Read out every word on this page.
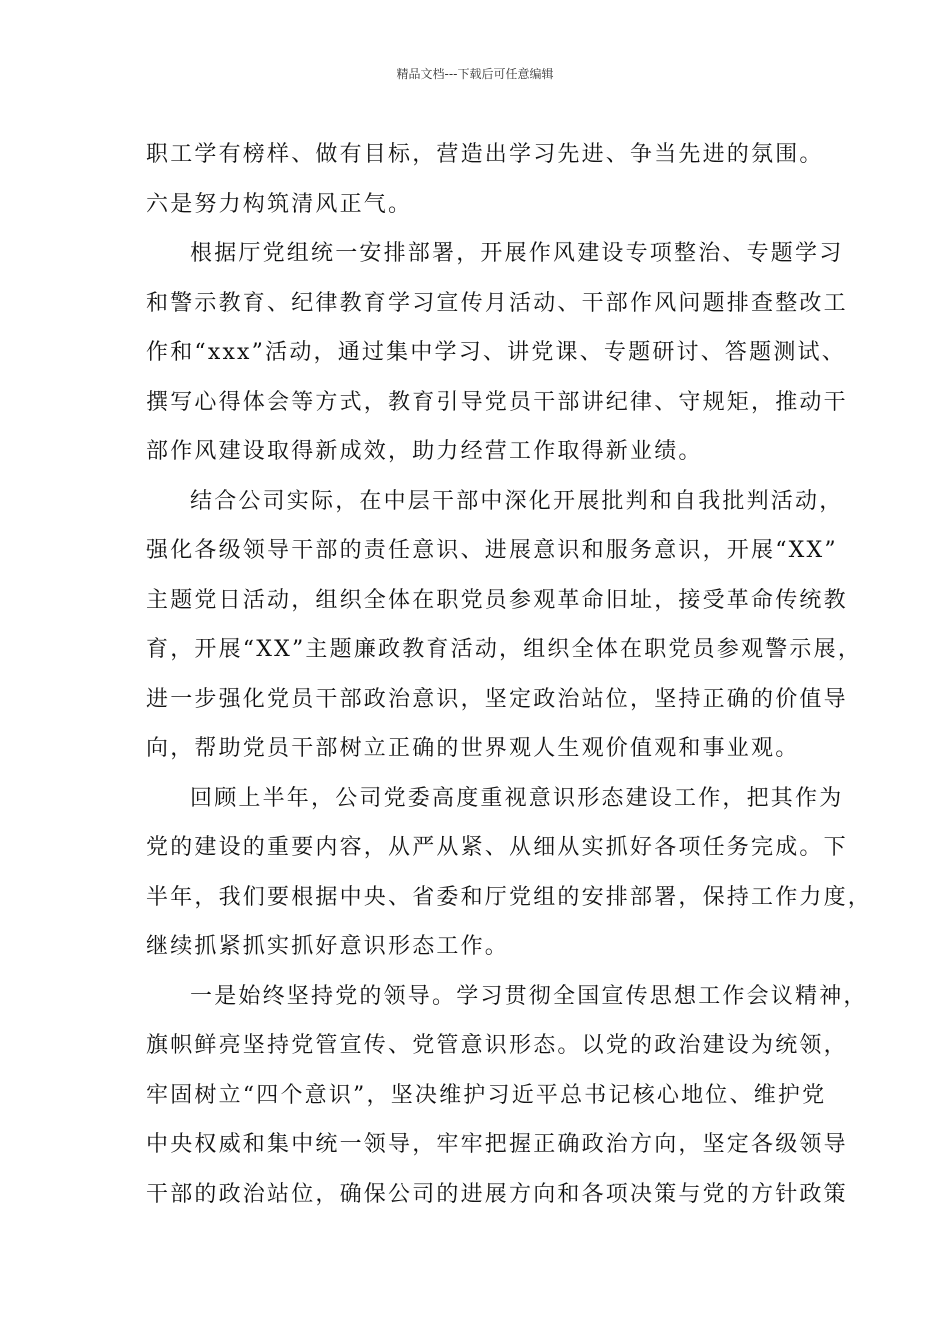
精品文档---下载后可任意编辑
职工学有榜样、做有目标，营造出学习先进、争当先进的氛围。
六是努力构筑清风正气。
根据厅党组统一安排部署，开展作风建设专项整治、专题学习
和警示教育、纪律教育学习宣传月活动、干部作风问题排查整改工
作和“xxx”活动，通过集中学习、讲党课、专题研讨、答题测试、
撰写心得体会等方式，教育引导党员干部讲纪律、守规矩，推动干
部作风建设取得新成效，助力经营工作取得新业绩。
结合公司实际，在中层干部中深化开展批判和自我批判活动，
强化各级领导干部的责任意识、进展意识和服务意识，开展“XX”
主题党日活动，组织全体在职党员参观革命旧址，接受革命传统教
育，开展“XX”主题廉政教育活动，组织全体在职党员参观警示展，
进一步强化党员干部政治意识，坚定政治站位，坚持正确的价值导
向，帮助党员干部树立正确的世界观人生观价值观和事业观。
回顾上半年，公司党委高度重视意识形态建设工作，把其作为
党的建设的重要内容，从严从紧、从细从实抓好各项任务完成。下
半年，我们要根据中央、省委和厅党组的安排部署，保持工作力度，
继续抓紧抓实抓好意识形态工作。
一是始终坚持党的领导。学习贯彻全国宣传思想工作会议精神，
旗帜鲜亮坚持党管宣传、党管意识形态。以党的政治建设为统领，
牢固树立“四个意识”，坚决维护习近平总书记核心地位、维护党
中央权威和集中统一领导，牢牢把握正确政治方向，坚定各级领导
干部的政治站位，确保公司的进展方向和各项决策与党的方针政策
